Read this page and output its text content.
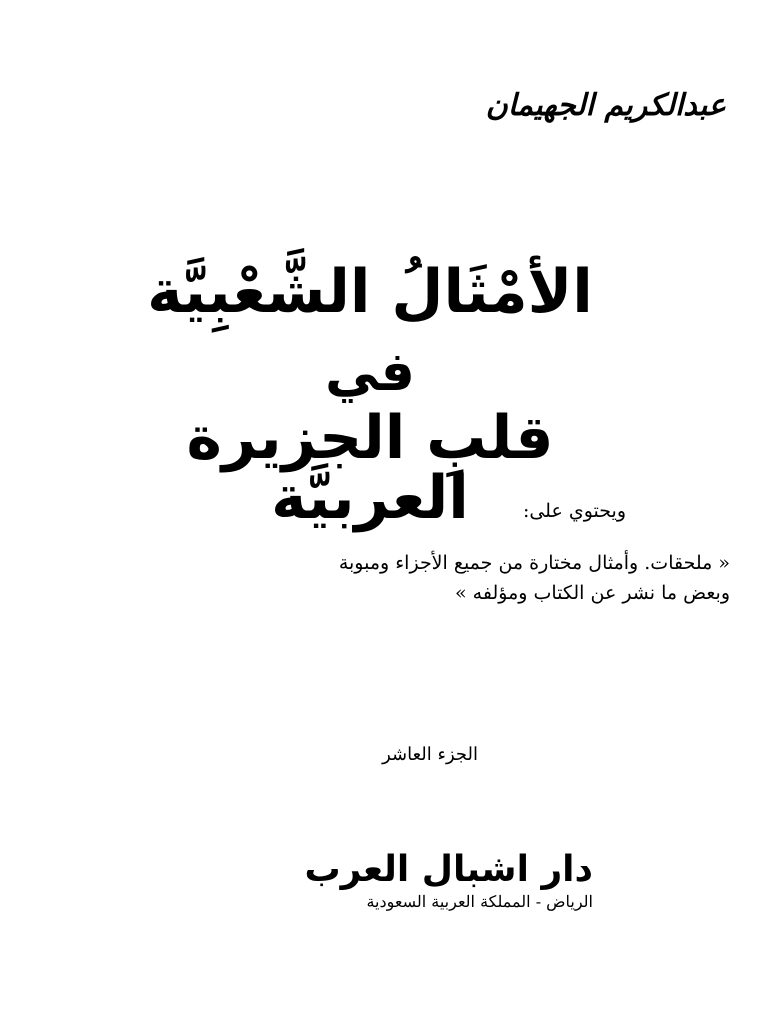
عبدالكريم الجهيمان
الأمْثَالُ الشَّعْبِيَّة
في
قلبِ الجزيرة العربيَّة	ويحتوي على:
« ملحقات. وأمثال مختارة من جميع الأجزاء ومبوبة
وبعض ما نشر عن الكتاب ومؤلفه »
الجزء العاشر
دار اشبال العرب
الرياض - المملكة العربية السعودية
